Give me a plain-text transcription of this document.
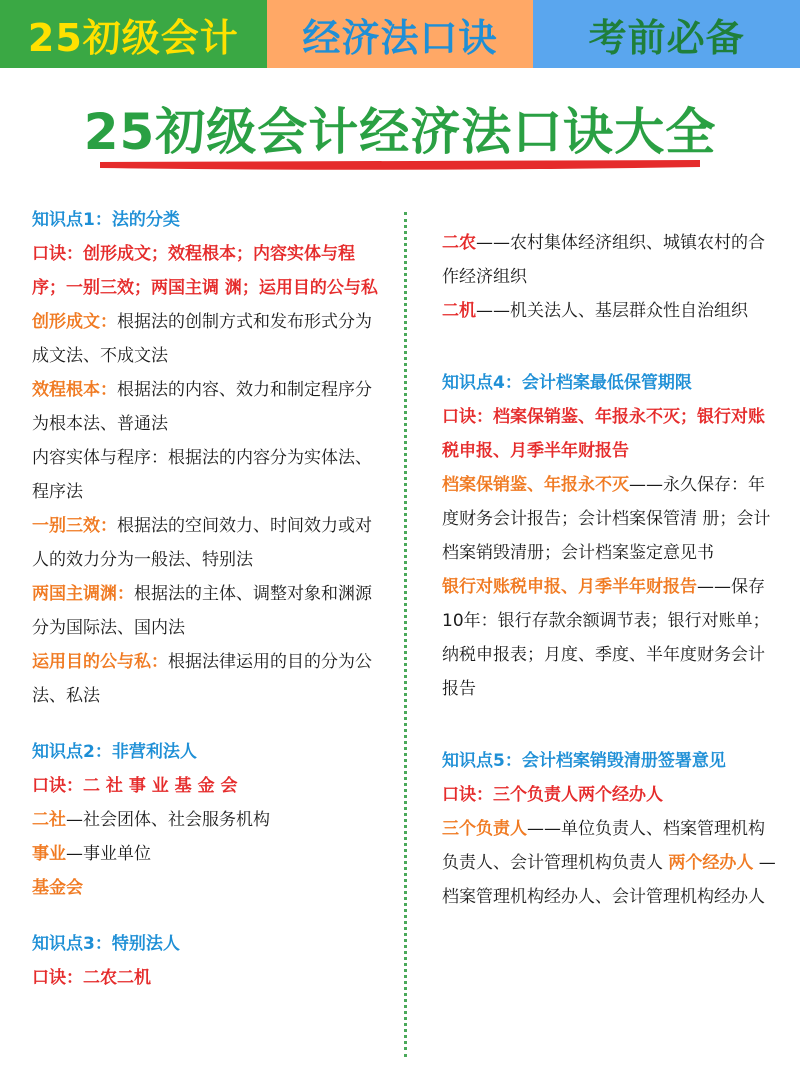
25初级会计	经济法口诀	考前必备
25初级会计经济法口诀大全

知识点1：法的分类

口诀：创形成文；效程根本；内容实体与程序；一别三效；两国主调 渊；运用目的公与私

创形成文：根据法的创制方式和发布形式分为成文法、不成文法

效程根本：根据法的内容、效力和制定程序分为根本法、普通法

内容实体与程序：根据法的内容分为实体法、程序法

一别三效：根据法的空间效力、时间效力或对人的效力分为一般法、特别法

两国主调渊：根据法的主体、调整对象和渊源分为国际法、国内法

运用目的公与私：根据法律运用的目的分为公法、私法

知识点2：非营利法人

口诀：二 社 事 业 基 金 会

二社—社会团体、社会服务机构

事业—事业单位

基金会

知识点3：特别法人

口诀：二农二机

二农——农村集体经济组织、城镇农村的合作经济组织

二机——机关法人、基层群众性自治组织

知识点4：会计档案最低保管期限

口诀：档案保销鉴、年报永不灭；银行对账税申报、月季半年财报告

档案保销鉴、年报永不灭——永久保存：年度财务会计报告；会计档案保管清 册；会计档案销毁清册；会计档案鉴定意见书

银行对账税申报、月季半年财报告——保存10年：银行存款余额调节表；银行对账单；纳税申报表；月度、季度、半年度财务会计报告

知识点5：会计档案销毁清册签署意见

口诀：三个负责人两个经办人

三个负责人——单位负责人、档案管理机构负责人、会计管理机构负责人 两个经办人 — 档案管理机构经办人、会计管理机构经办人
